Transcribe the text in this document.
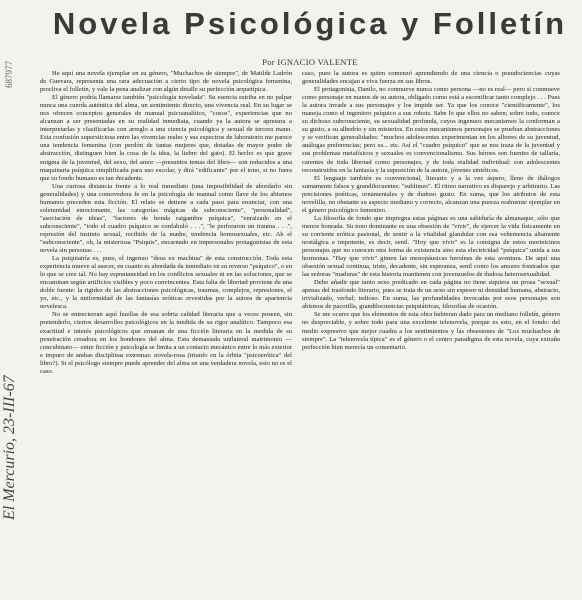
Novela Psicológica y Folletín
Por IGNACIO VALENTE
El Mercurio, 23-III-67
687977	He aquí una novela ejemplar en su género, "Muchachos de siempre", de Matilde Ladrón de Guevara, representa una rara adecuación a cierto tipo de novela psicológica femenina, procliva el folletín, y vale la pena analizar con algún detalle su perfección arquetípica.

El género podría llamarse también "psicología novelada". Su esencia estriba en no palpar nunca una cuerda auténtica del alma, un sentimiento directo, una vivencia real. En su lugar se nos ofrecen conceptos generales de manual psicoanalítico, "cosos", experiencias que no alcanzan a ser presentadas en su realidad inmediata, cuando ya la autora se apresura a interpretarlas y clasificarlas con arreglo a una ciencia psicológica y sexual de tercera mano. Esta confusión supersticiosa entre las vivencias reales y sus espectros de laboratorio me parece una tendencia femenina (con perdón de tantas mujeres que, dotadas de mayor poder de abstracción, distinguen bien la cosa de la idea, la liebre del gato). El hecho es que grave enigma de la juventud, del sexo, del amor —presuntos temas del libro— son reducidos a una maquinaria psíquica simplificada para uso escolar, y dirá "edificante" por el tono, si no fuera que su fondo humano es tan decadente.

Una curiosa distancia frente a lo real inmediato (una imposibilidad de abordarlo sin generalidades) y una comovedora fe en la psicología de manual como llave de los abismos humanos preceden esta ficción. El relato se detiene a cada paso para enunciar, con una solemnidad emocionante, las categorías mágicas da subconsciente", "personalidad", "asociación de ideas", "factores de honda raigambre psíquica", "enraizado en el subconsciente", "todo el cuadro psíquico se confabuló . . .", "le perforaron un trauma . . .", represión del instinto sexual, recibido de la madre, tendencia homosexuales, etc. Ah el "subconsciente", oh, la misteriosa "Psiquis", encarnado en impersonales protagonistas de esta novela sin personas . . .

La psiquiatría es, pues, el ingenuo "deus ex machina" de esta construcción. Toda esta experiencia mueve al asecer, en cuanto es abordada da inmediato en su reverso "psíquico", o en lo que se cree tal. No hay espontaneidad en los conflictos sexuales ni en las soluciones, que se encaminan según artificios visibles y poco convincentes. Esta falta de libertad proviene de una doble fuente: la rigidez de las abstracciones psicológicas, traumas, complejos, represiones, el yo, etc., y la uniformidad de las fantasías eróticas revestidas por la autora de apariencia novelesca.

No se entrecierran aquí huellas de esa sobria calidad literaria que a veces poseen, sin pretenderlo, ciertos desarrollos psicológicos en la medida de su rigor analítico. Tampoco esa exactitud e interés psicológicos que emanan de una ficción literaria en la medida de su penetración creadora en los hondones del alma. Esta demasiada unilateral matrimonio —concubinato— entre ficción y psicología se limita a un contacto mecánico entre lo más exterior e impuro de ambas disciplinas extremas: novela-rosa (triunfo en la órbita "psicoerótica" del libro?). Si el psicólogo siempre puede aprender del alma en una verdadera novela, esto no es el caso.

caso, pues la autora es quien comenzó aprendiendo de una ciencia o pseudociencias cuyas generalidades encajan a viva fuerza en sus libros.

El protagonista, Danilo, no conmueve nunca como persona —no es real— pero si conmueve como personaje en manos de su autora, obligado como está a escenificar tanto complejo . . . Pues la autora invade a sus personajes y los impide ser. Ya que los conoce "científicamente", los maneja como el ingeniero psíquico a sus robots. Sabe lo que ellos no saben; sobre todo, conoce su dichoso subconsciente, su sexualidad profunda, cuyos ingenuos mecanismos la conforman a su gusto, a su albedrío y sin misterios. En estos mecanismos personajes se prueban abstracciones y se verifican generalidades: "muchos adolescentes experimentan en los albores de su juventud, análogas preferencias; pero es... etc. Así el "cuadro psíquico" que se nos traza de la juventud y sus problemas metafísicos y sexuales es convencionalismo. Sus héroes son fuentes de tallaría, carentes de toda libertad como personajes, y de toda realidad individual: son adolescentes reconstruidos en la fantasía y la suposición de la autora, jóvenes sintéticos.

El lenguaje también es convencional, literario y a la vez áspero, lleno de diálogos sumamente falsos y grandilocuentes: "sublimes". El ritmo narrativo es disparejo y arbitrario. Las precisiones poéticas, ornamentales y de dudoso gusto. En suma, que los atributos de esta novelilla, no obstante su aspecto mediano y correcto, alcanzan una pureza realmente ejemplar en el género psicológico femenino.

La filosofía de fondo que impregna estas páginas es una sabiduría de almanaque, sólo que menos honrada. Su tono dominante es una obsesión de "vivir", de ejercer la vida físicamente en su corriente erótica pasional, de sentir a la vitalidad glandular con esa vehemencia altamente nostálgica e impotente, es decir, senil. "Hoy que vivir" es la consigna de estos morteicinos personajes que no conocen otra forma de existencia sino esta electricidad "psíquica" unida a sus hormonas. "Hay que vivir" gimen las menopáusicas heroínas de esta aventura. De aquí una obsesión sexual continua, triste, decadente, sin esperanza, senil como los amores frustrados que las señoras "maduras" de esta historia mantienen con jovenzuelos de dudosa heterosexualidad.

Debo añadir que tanto sexo predicado en cada página no tiene siquiera un prosa "sexual" apenas del trasfondo literario, pues se trata de un sexo sin espesor ni densidad humana, abstracto, trivializado, verbal; tedioso. En suma, las profundidades invocadas por esos personajes son abismos de pacotilla, grandilocuencias psiquiátricas, filosofías de ocasión.

Se me ocurre que los elementos de esta obra hubieran dado para un mediano folletín, género no despreciable, y sobre todo para una excelente telenovela, porque es esto, en el fondo: del medio expresivo que mejor cuadra a los sentimientos y las obsesiones de "Los muchachos de siempre". La "telenovela típica" es el género o el centro paradigma de esta novela, cuya extraña perfección bien merecía un comentario.
